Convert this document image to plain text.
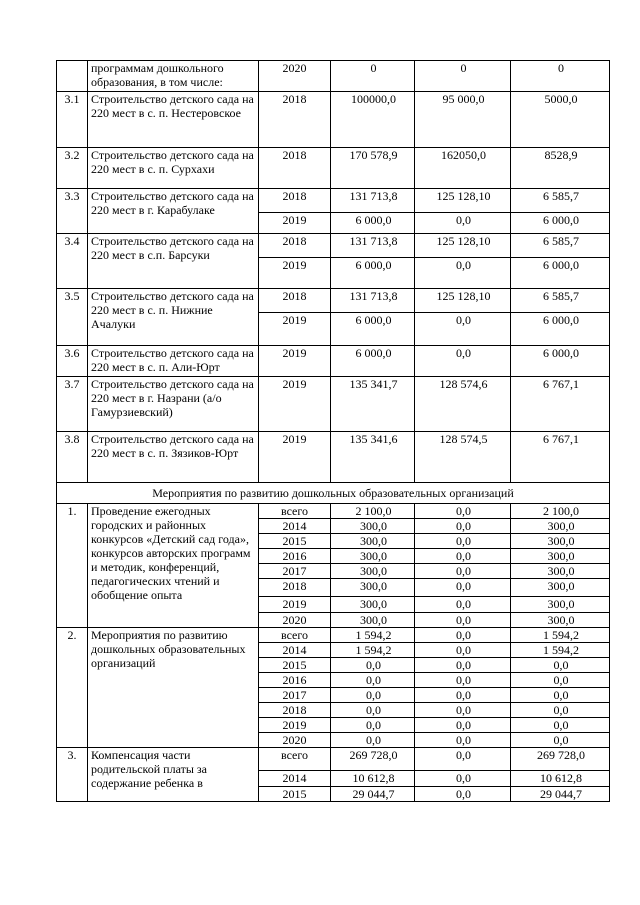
	программам дошкольного образования, в том числе:	2020	0	0	0
3.1	Строительство детского сада на 220 мест в с. п. Нестеровское	2018	100000,0	95 000,0	5000,0
3.2	Строительство детского сада на 220 мест в с. п. Сурхахи	2018	170 578,9	162050,0	8528,9
3.3	Строительство детского сада на 220 мест в г. Карабулаке	2018	131 713,8	125 128,10	6 585,7
		2019	6 000,0	0,0	6 000,0
3.4	Строительство детского сада на 220 мест в с.п. Барсуки	2018	131 713,8	125 128,10	6 585,7
		2019	6 000,0	0,0	6 000,0
3.5	Строительство детского сада на 220 мест в с. п. Нижние Ачалуки	2018	131 713,8	125 128,10	6 585,7
		2019	6 000,0	0,0	6 000,0
3.6	Строительство детского сада на 220 мест в с. п. Али-Юрт	2019	6 000,0	0,0	6 000,0
3.7	Строительство детского сада на 220 мест в г. Назрани (а/о Гамурзиевский)	2019	135 341,7	128 574,6	6 767,1
3.8	Строительство детского сада на 220 мест в с. п. Зязиков-Юрт	2019	135 341,6	128 574,5	6 767,1
Мероприятия по развитию дошкольных образовательных организаций					
1.	Проведение ежегодных городских и районных конкурсов «Детский сад года», конкурсов авторских программ и методик, конференций, педагогических чтений и обобщение опыта	всего	2 100,0	0,0	2 100,0
		2014	300,0	0,0	300,0
		2015	300,0	0,0	300,0
		2016	300,0	0,0	300,0
		2017	300,0	0,0	300,0
		2018	300,0	0,0	300,0
		2019	300,0	0,0	300,0
		2020	300,0	0,0	300,0
2.	Мероприятия по развитию дошкольных образовательных организаций	всего	1 594,2	0,0	1 594,2
		2014	1 594,2	0,0	1 594,2
		2015	0,0	0,0	0,0
		2016	0,0	0,0	0,0
		2017	0,0	0,0	0,0
		2018	0,0	0,0	0,0
		2019	0,0	0,0	0,0
		2020	0,0	0,0	0,0
3.	Компенсация части родительской платы за содержание ребенка в	всего	269 728,0	0,0	269 728,0
		2014	10 612,8	0,0	10 612,8
		2015	29 044,7	0,0	29 044,7
